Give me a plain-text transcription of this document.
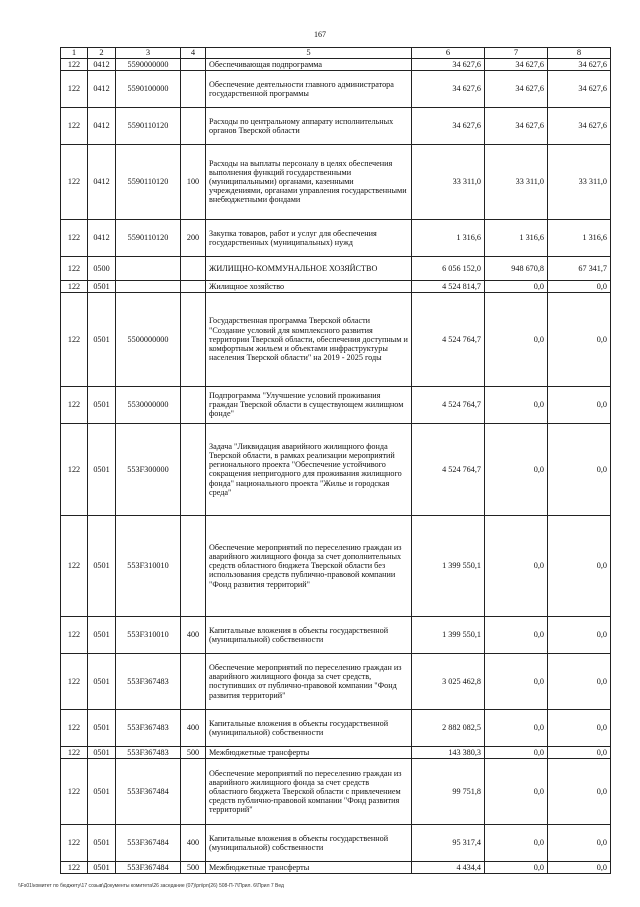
167
1	2	3	4	5	6	7	8
122	0412	5590000000		Обеспечивающая подпрограмма	34 627,6	34 627,6	34 627,6
122	0412	5590100000		Обеспечение деятельности главного администратора государственной программы	34 627,6	34 627,6	34 627,6
122	0412	5590110120		Расходы по центральному аппарату исполнительных органов Тверской области	34 627,6	34 627,6	34 627,6
122	0412	5590110120	100	Расходы на выплаты персоналу в целях обеспечения выполнения функций государственными (муниципальными) органами, казенными учреждениями, органами управления государственными внебюджетными фондами	33 311,0	33 311,0	33 311,0
122	0412	5590110120	200	Закупка товаров, работ и услуг для обеспечения государственных (муниципальных) нужд	1 316,6	1 316,6	1 316,6
122	0500			ЖИЛИЩНО-КОММУНАЛЬНОЕ ХОЗЯЙСТВО	6 056 152,0	948 670,8	67 341,7
122	0501			Жилищное хозяйство	4 524 814,7	0,0	0,0
122	0501	5500000000		Государственная программа Тверской области "Создание условий для комплексного развития территории Тверской области, обеспечения доступным и комфортным жильем и объектами инфраструктуры населения Тверской области" на 2019 - 2025 годы	4 524 764,7	0,0	0,0
122	0501	5530000000		Подпрограмма "Улучшение условий проживания граждан Тверской области в существующем жилищном фонде"	4 524 764,7	0,0	0,0
122	0501	553F300000		Задача "Ликвидация аварийного жилищного фонда Тверской области, в рамках реализации мероприятий регионального проекта "Обеспечение устойчивого сокращения непригодного для проживания жилищного фонда" национального проекта "Жилье и городская среда"	4 524 764,7	0,0	0,0
122	0501	553F310010		Обеспечение мероприятий по переселению граждан из аварийного жилищного фонда за счет дополнительных средств областного бюджета Тверской области без использования средств публично-правовой компании "Фонд развития территорий"	1 399 550,1	0,0	0,0
122	0501	553F310010	400	Капитальные вложения в объекты государственной (муниципальной) собственности	1 399 550,1	0,0	0,0
122	0501	553F367483		Обеспечение мероприятий по переселению граждан из аварийного жилищного фонда за счет средств, поступивших от публично-правовой компании "Фонд развития территорий"	3 025 462,8	0,0	0,0
122	0501	553F367483	400	Капитальные вложения в объекты государственной (муниципальной) собственности	2 882 082,5	0,0	0,0
122	0501	553F367483	500	Межбюджетные трансферты	143 380,3	0,0	0,0
122	0501	553F367484		Обеспечение мероприятий по переселению граждан из аварийного жилищного фонда за счет средств областного бюджета Тверской области с привлечением средств публично-правовой компании "Фонд развития территорий"	99 751,8	0,0	0,0
122	0501	553F367484	400	Капитальные вложения в объекты государственной (муниципальной) собственности	95 317,4	0,0	0,0
122	0501	553F367484	500	Межбюджетные трансферты	4 434,4	0,0	0,0
\\Fs01\комитет по бюджету\17 созыв\Документы комитета\26 заседание (07)\рп\рп(26) 508-П-7\Прил. 6\Прил 7 Вед
